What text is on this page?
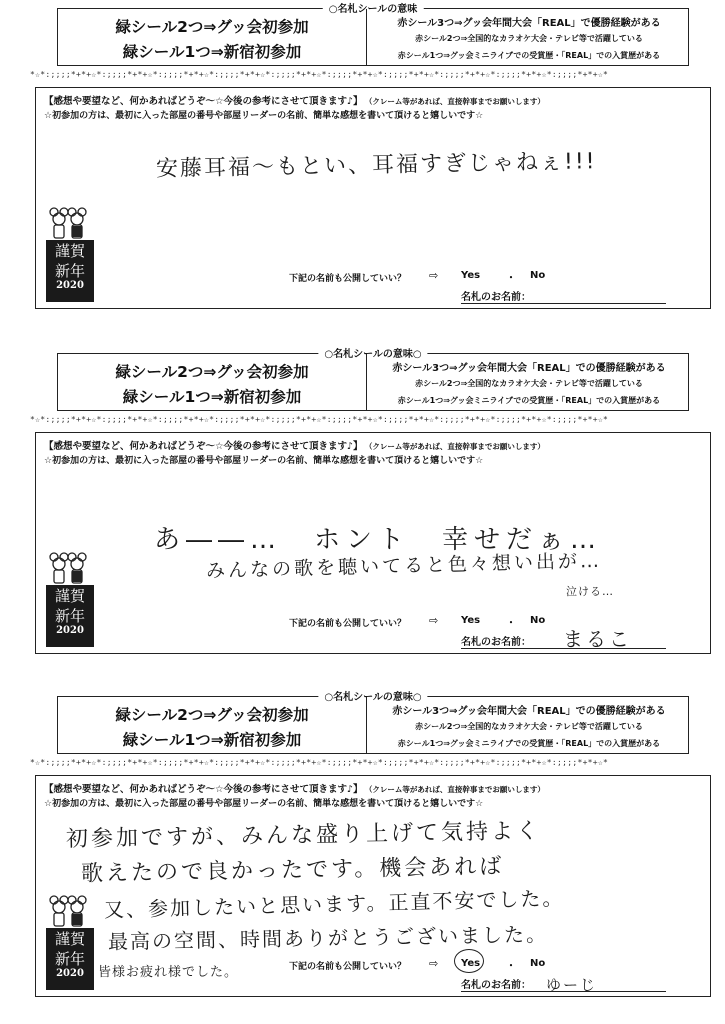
○名札シールの意味
緑シール2つ⇒グッ会初参加
緑シール1つ⇒新宿初参加
赤シール3つ⇒グッ会年間大会「REAL」で優勝経験がある
赤シール2つ⇒全国的なカラオケ大会・テレビ等で活躍している
赤シール1つ⇒グッ会ミニライブでの受賞歴・「REAL」での入賞歴がある
*☆*:;;;;*+*+☆*:;;;;*+*+☆*:;;;;*+*+☆*:;;;;*+*+☆*:;;;;*+*+☆*:;;;;*+*+☆*:;;;;*+*+☆*:;;;;*+*+☆*:;;;;*+*+☆*:;;;;*+*+☆*
【感想や要望など、何かあればどうぞ〜☆今後の参考にさせて頂きます♪】 （クレーム等があれば、直接幹事までお願いします）
☆初参加の方は、最初に入った部屋の番号や部屋リーダーの名前、簡単な感想を書いて頂けると嬉しいです☆
安藤耳福〜もとい、耳福すぎじゃねぇ!!!
謹賀
新年
2020
下記の名前も公開していい？ ⇨ Yes	・ No
名札のお名前：
○名札シールの意味○
緑シール2つ⇒グッ会初参加
緑シール1つ⇒新宿初参加
赤シール3つ⇒グッ会年間大会「REAL」での優勝経験がある
赤シール2つ⇒全国的なカラオケ大会・テレビ等で活躍している
赤シール1つ⇒グッ会ミニライブでの受賞歴・「REAL」での入賞歴がある
*☆*:;;;;*+*+☆*:;;;;*+*+☆*:;;;;*+*+☆*:;;;;*+*+☆*:;;;;*+*+☆*:;;;;*+*+☆*:;;;;*+*+☆*:;;;;*+*+☆*:;;;;*+*+☆*:;;;;*+*+☆*
【感想や要望など、何かあればどうぞ〜☆今後の参考にさせて頂きます♪】 （クレーム等があれば、直接幹事までお願いします）
☆初参加の方は、最初に入った部屋の番号や部屋リーダーの名前、簡単な感想を書いて頂けると嬉しいです☆
あ――…　ホント　幸せだぁ…
みんなの歌を聴いてると色々想い出が…
泣ける…
謹賀
新年
2020
下記の名前も公開していい？ ⇨ Yes	・ No
名札のお名前： まるこ
○名札シールの意味○
緑シール2つ⇒グッ会初参加
緑シール1つ⇒新宿初参加
赤シール3つ⇒グッ会年間大会「REAL」での優勝経験がある
赤シール2つ⇒全国的なカラオケ大会・テレビ等で活躍している
赤シール1つ⇒グッ会ミニライブでの受賞歴・「REAL」での入賞歴がある
*☆*:;;;;*+*+☆*:;;;;*+*+☆*:;;;;*+*+☆*:;;;;*+*+☆*:;;;;*+*+☆*:;;;;*+*+☆*:;;;;*+*+☆*:;;;;*+*+☆*:;;;;*+*+☆*:;;;;*+*+☆*
【感想や要望など、何かあればどうぞ〜☆今後の参考にさせて頂きます♪】 （クレーム等があれば、直接幹事までお願いします）
☆初参加の方は、最初に入った部屋の番号や部屋リーダーの名前、簡単な感想を書いて頂けると嬉しいです☆
初参加ですが、みんな盛り上げて気持よく
歌えたので良かったです。機会あれば
又、参加したいと思います。正直不安でした。
最高の空間、時間ありがとうございました。
皆様お疲れ様でした。
謹賀
新年
2020
下記の名前も公開していい？ ⇨ Yes	・ No
名札のお名前： ゆーじ
